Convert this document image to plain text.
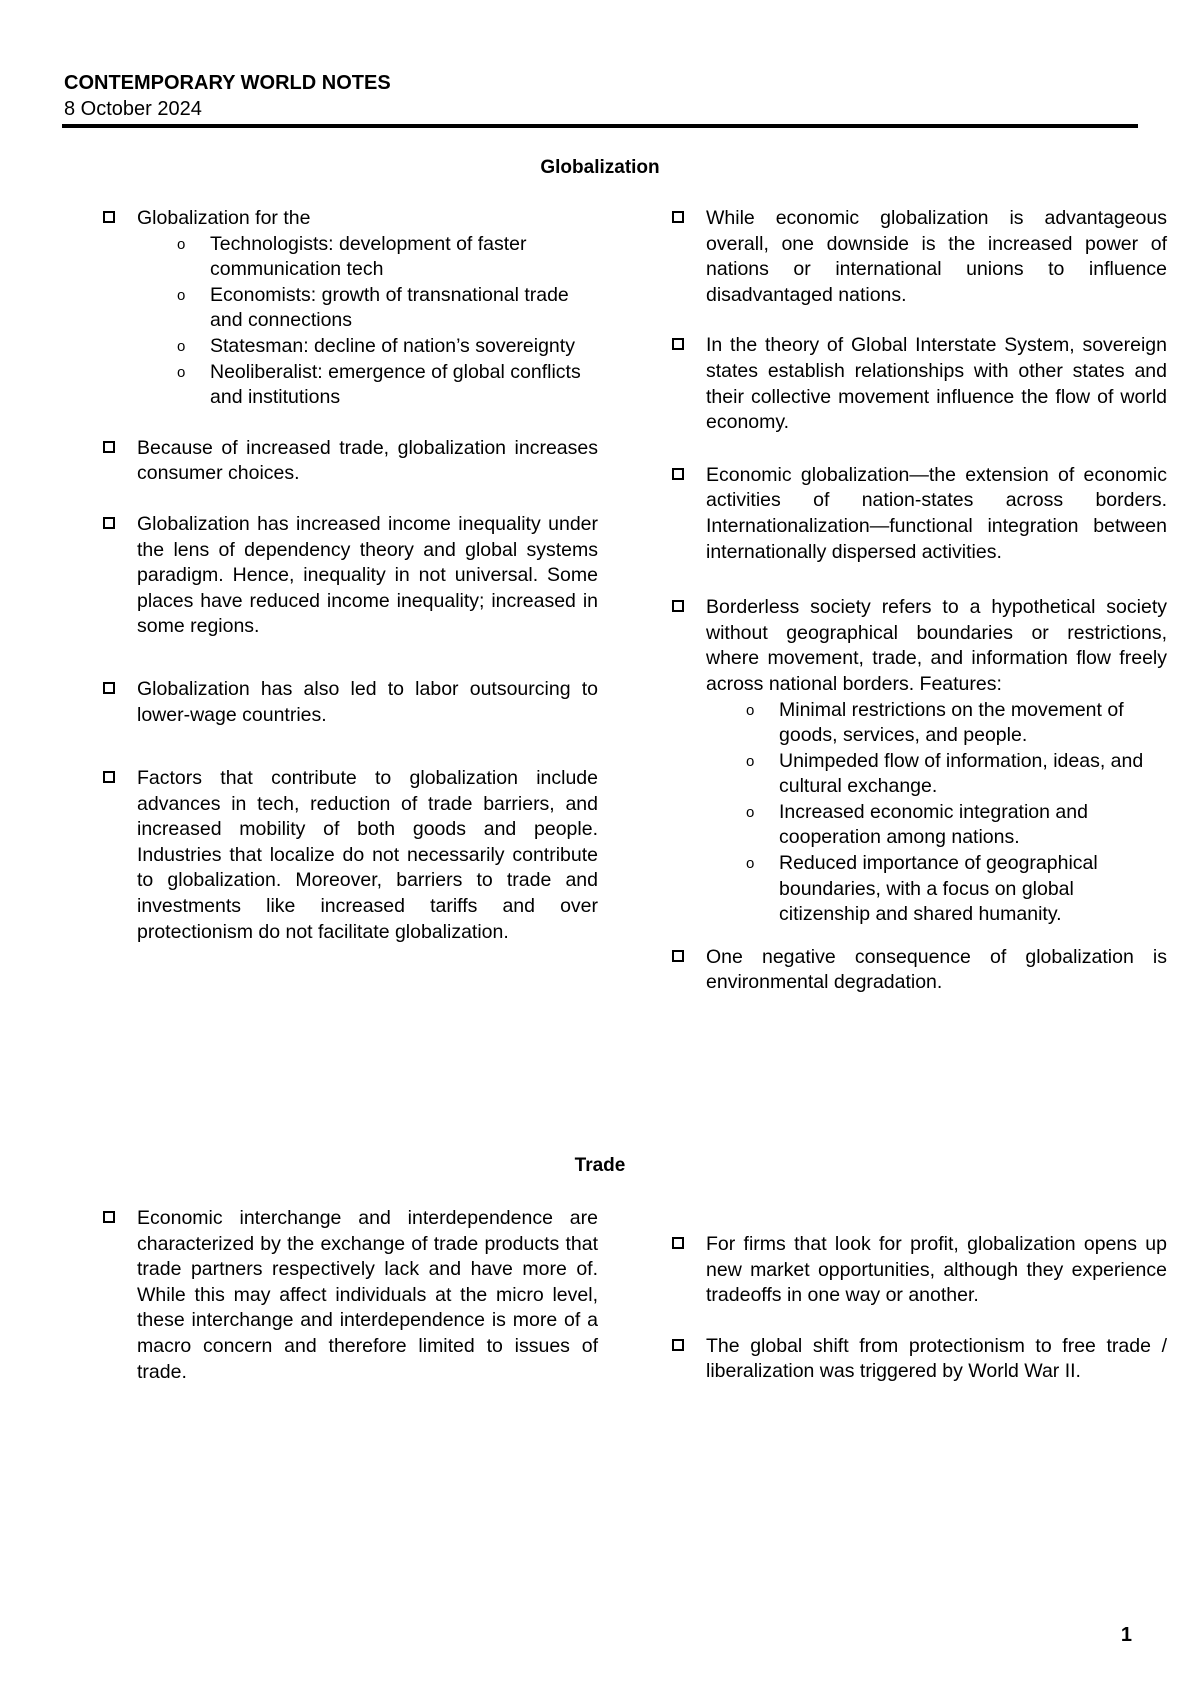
CONTEMPORARY WORLD NOTES
8 October 2024
Globalization

Globalization for the

o Technologists: development of faster communication tech
o Economists: growth of transnational trade and connections
o Statesman: decline of nation’s sovereignty
o Neoliberalist: emergence of global conflicts and institutions

Because of increased trade, globalization increases consumer choices.

Globalization has increased income inequality under the lens of dependency theory and global systems paradigm. Hence, inequality in not universal. Some places have reduced income inequality; increased in some regions.

Globalization has also led to labor outsourcing to lower-wage countries.

Factors that contribute to globalization include advances in tech, reduction of trade barriers, and increased mobility of both goods and people. Industries that localize do not necessarily contribute to globalization. Moreover, barriers to trade and investments like increased tariffs and over protectionism do not facilitate globalization.

While economic globalization is advantageous overall, one downside is the increased power of nations or international unions to influence disadvantaged nations.

In the theory of Global Interstate System, sovereign states establish relationships with other states and their collective movement influence the flow of world economy.

Economic globalization—the extension of economic activities of nation-states across borders. Internationalization—functional integration between internationally dispersed activities.

Borderless society refers to a hypothetical society without geographical boundaries or restrictions, where movement, trade, and information flow freely across national borders. Features:

o Minimal restrictions on the movement of goods, services, and people.
o Unimpeded flow of information, ideas, and cultural exchange.
o Increased economic integration and cooperation among nations.
o Reduced importance of geographical boundaries, with a focus on global citizenship and shared humanity.

One negative consequence of globalization is environmental degradation.

Trade

Economic interchange and interdependence are characterized by the exchange of trade products that trade partners respectively lack and have more of. While this may affect individuals at the micro level, these interchange and interdependence is more of a macro concern and therefore limited to issues of trade.

For firms that look for profit, globalization opens up new market opportunities, although they experience tradeoffs in one way or another.

The global shift from protectionism to free trade / liberalization was triggered by World War II.

1
